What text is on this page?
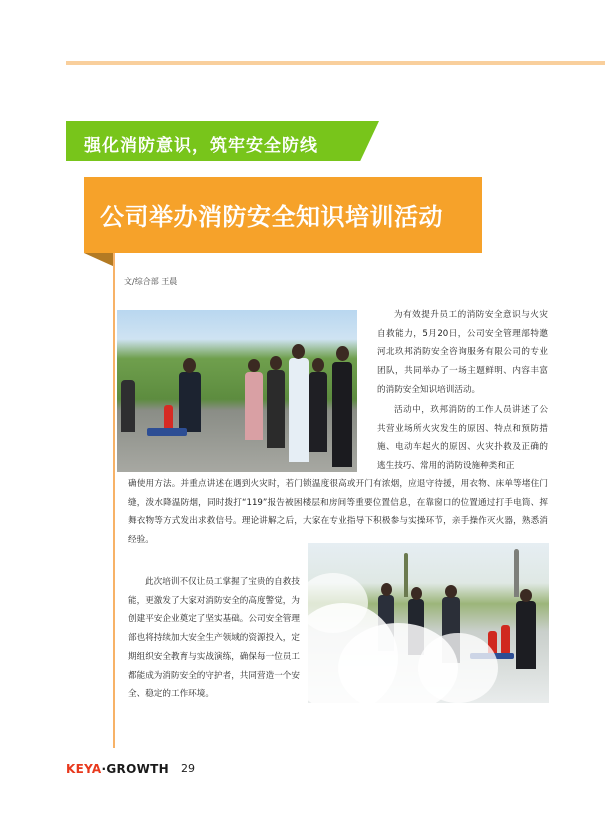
强化消防意识，筑牢安全防线
公司举办消防安全知识培训活动
文/综合部 王晨

为有效提升员工的消防安全意识与火灾自救能力，5月20日，公司安全管理部特邀河北玖邦消防安全咨询服务有限公司的专业团队，共同举办了一场主题鲜明、内容丰富的消防安全知识培训活动。

活动中，玖邦消防的工作人员讲述了公共营业场所火灾发生的原因、特点和预防措施、电动车起火的原因、火灾扑救及正确的逃生技巧、常用的消防设施种类和正

确使用方法。并重点讲述在遇到火灾时，若门锁温度很高或开门有浓烟，应退守待援，用衣物、床单等堵住门缝，泼水降温防烟，同时拨打“119”报告被困楼层和房间等重要位置信息，在靠窗口的位置通过打手电筒、挥舞衣物等方式发出求救信号。理论讲解之后，大家在专业指导下积极参与实操环节，亲手操作灭火器，熟悉消

经验。

此次培训不仅让员工掌握了宝贵的自救技能，更激发了大家对消防安全的高度警觉，为创建平安企业奠定了坚实基础。公司安全管理部也将持续加大安全生产领域的资源投入，定期组织安全教育与实战演练，确保每一位员工都能成为消防安全的守护者，共同营造一个安全、稳定的工作环境。

KEYA·GROWTH 29
